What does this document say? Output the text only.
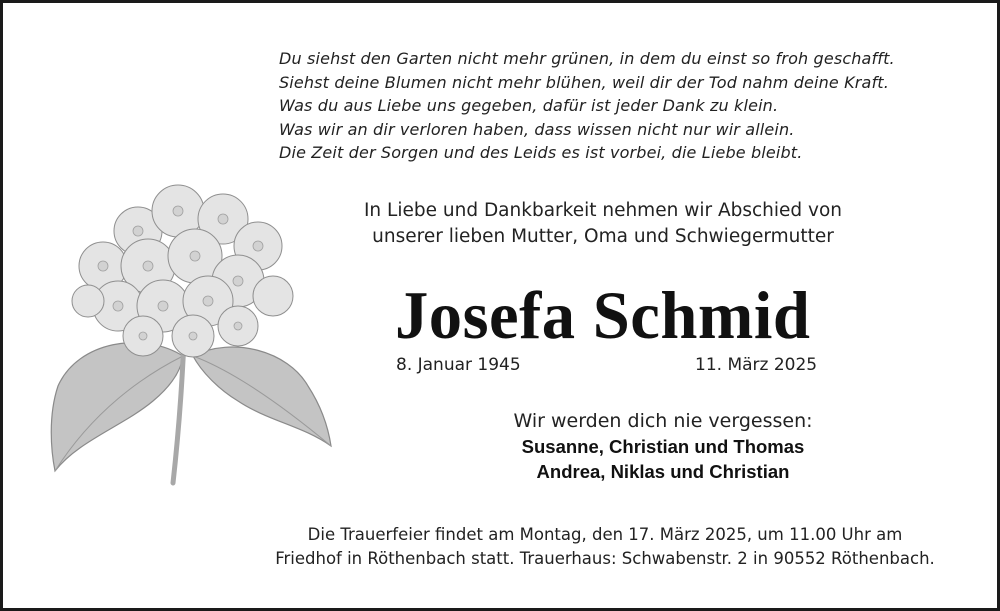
Du siehst den Garten nicht mehr grünen, in dem du einst so froh geschafft.
Siehst deine Blumen nicht mehr blühen, weil dir der Tod nahm deine Kraft.
Was du aus Liebe uns gegeben, dafür ist jeder Dank zu klein.
Was wir an dir verloren haben, dass wissen nicht nur wir allein.
Die Zeit der Sorgen und des Leids es ist vorbei, die Liebe bleibt.
In Liebe und Dankbarkeit nehmen wir Abschied von
unserer lieben Mutter, Oma und Schwiegermutter
Josefa Schmid
8. Januar 1945	11. März 2025
Wir werden dich nie vergessen:
Susanne, Christian und Thomas
Andrea, Niklas und Christian
Die Trauerfeier findet am Montag, den 17. März 2025, um 11.00 Uhr am
Friedhof in Röthenbach statt. Trauerhaus: Schwabenstr. 2 in 90552 Röthenbach.
